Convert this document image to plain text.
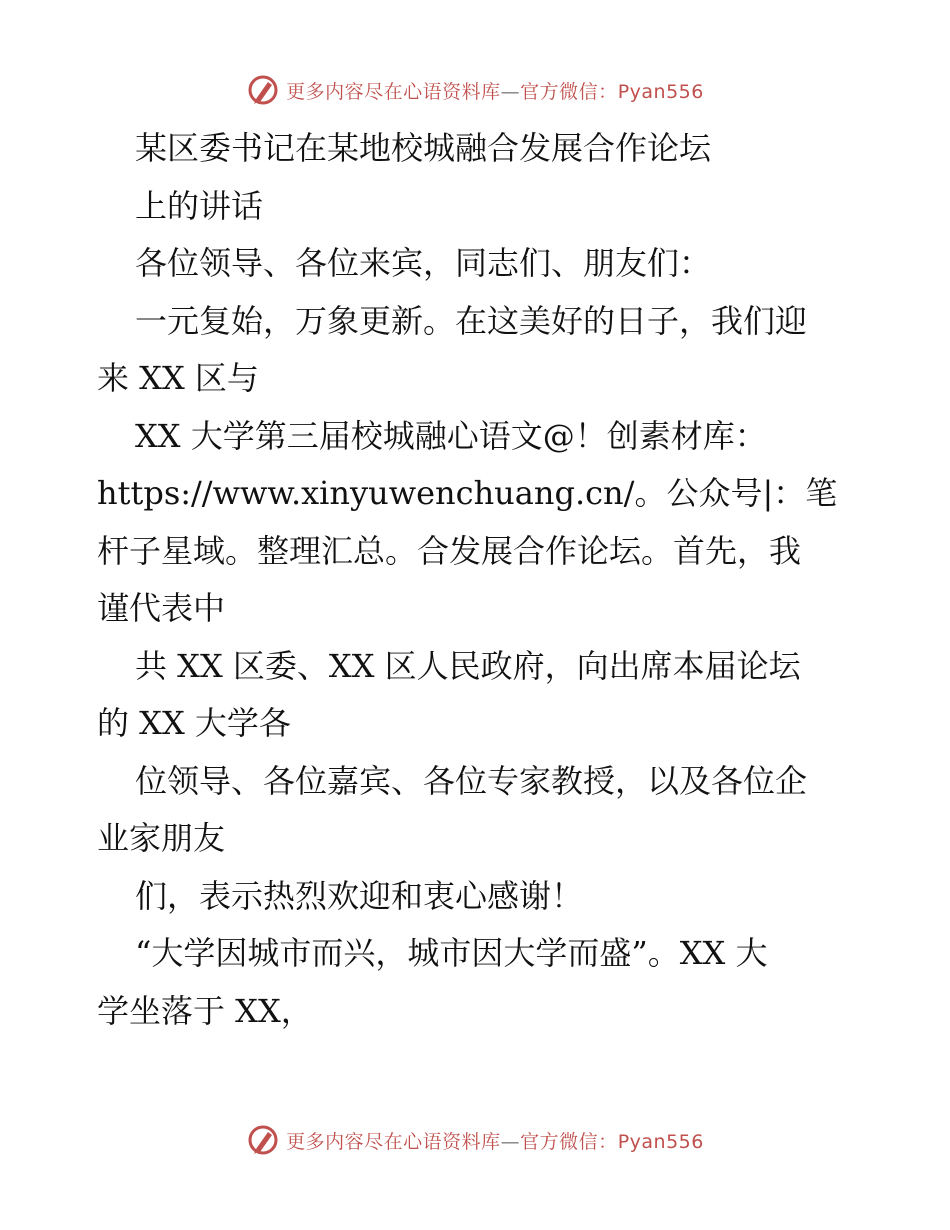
更多内容尽在心语资料库—官方微信：Pyan556
某区委书记在某地校城融合发展合作论坛
上的讲话
各位领导、各位来宾，同志们、朋友们：
一元复始，万象更新。在这美好的日子，我们迎
来 XX 区与
XX 大学第三届校城融心语文@！创素材库：
https://www.xinyuwenchuang.cn/。公众号|：笔
杆子星域。整理汇总。合发展合作论坛。首先，我
谨代表中
共 XX 区委、XX 区人民政府，向出席本届论坛
的 XX 大学各
位领导、各位嘉宾、各位专家教授，以及各位企
业家朋友
们，表示热烈欢迎和衷心感谢！
“大学因城市而兴，城市因大学而盛”。XX 大
学坐落于 XX，
更多内容尽在心语资料库—官方微信：Pyan556
